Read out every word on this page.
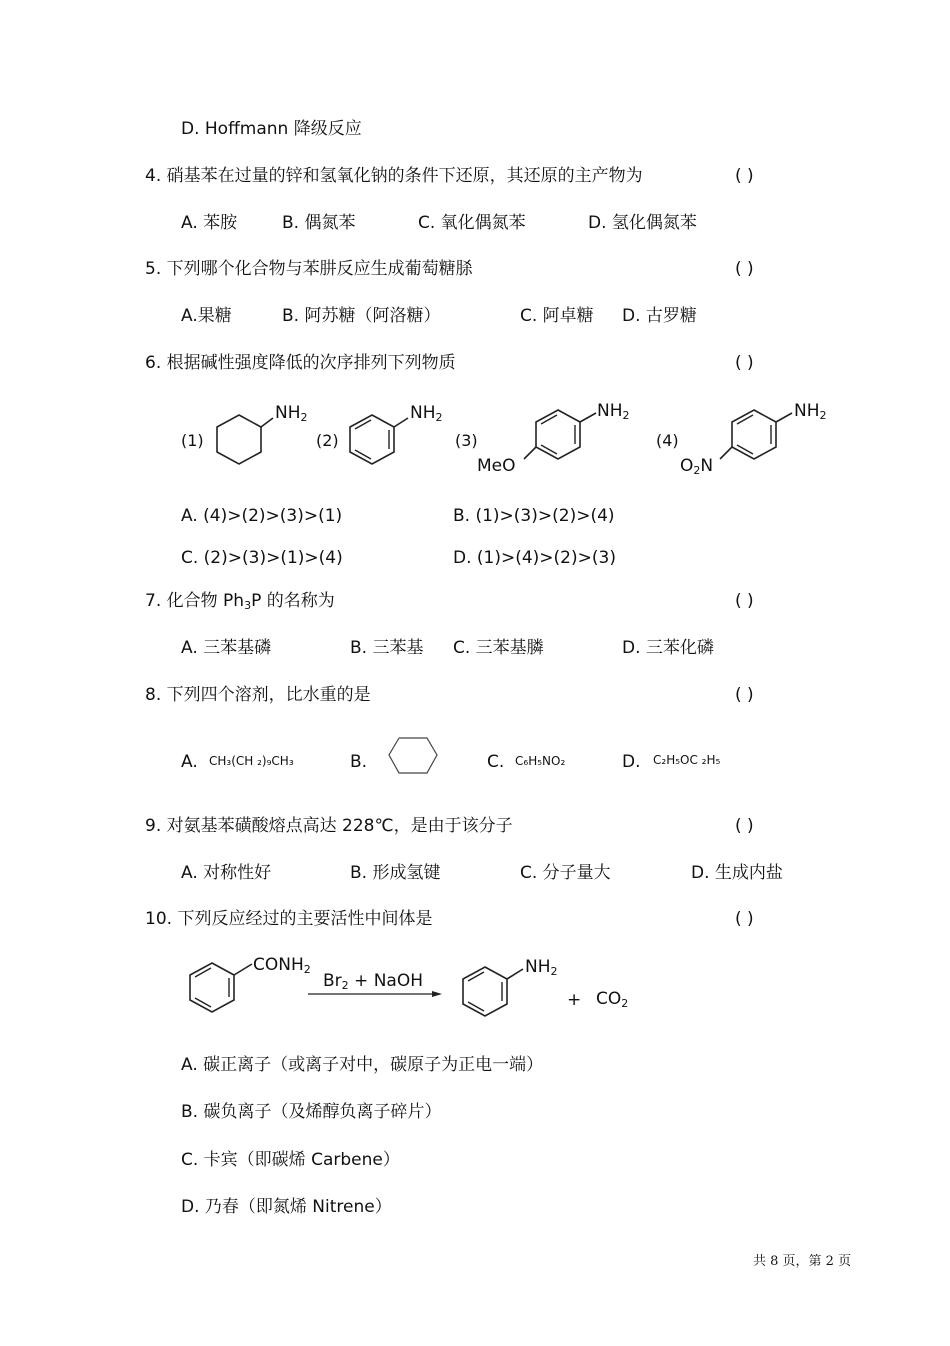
D. Hoffmann 降级反应
4. 硝基苯在过量的锌和氢氧化钠的条件下还原，其还原的主产物为	( )
A. 苯胺	B. 偶氮苯	C. 氧化偶氮苯	D. 氢化偶氮苯
5. 下列哪个化合物与苯肼反应生成葡萄糖脎	( )
A.果糖	B. 阿苏糖（阿洛糖）	C. 阿卓糖 D. 古罗糖
6. 根据碱性强度降低的次序排列下列物质	( )
(1)
$NH_2$
(2)
$NH_2$
(3)
$NH_2$
MeO
(4)
$NH_2$
$O_2N$
A. (4)>(2)>(3)>(1)	B. (1)>(3)>(2)>(4)
C. (2)>(3)>(1)>(4)	D. (1)>(4)>(2)>(3)
7. 化合物 $Ph_3P$ 的名称为	( )
A. 三苯基磷	B. 三苯基 C. 三苯基膦	D. 三苯化磷
8. 下列四个溶剂，比水重的是	( )
A. CH₃(CH ₂)₉CH₃	B.	C. C₆H₅NO₂	D. C₂H₅OC ₂H₅
9. 对氨基苯磺酸熔点高达 228℃，是由于该分子	( )
A. 对称性好	B. 形成氢键	C. 分子量大	D. 生成内盐
10. 下列反应经过的主要活性中间体是	( )
$CONH_2$
$Br_2$ + NaOH
$NH_2$
+ $CO_2$
A. 碳正离子（或离子对中，碳原子为正电一端）
B. 碳负离子（及烯醇负离子碎片）
C. 卡宾（即碳烯 Carbene）
D. 乃春（即氮烯 Nitrene）
共 8 页，第 2 页
